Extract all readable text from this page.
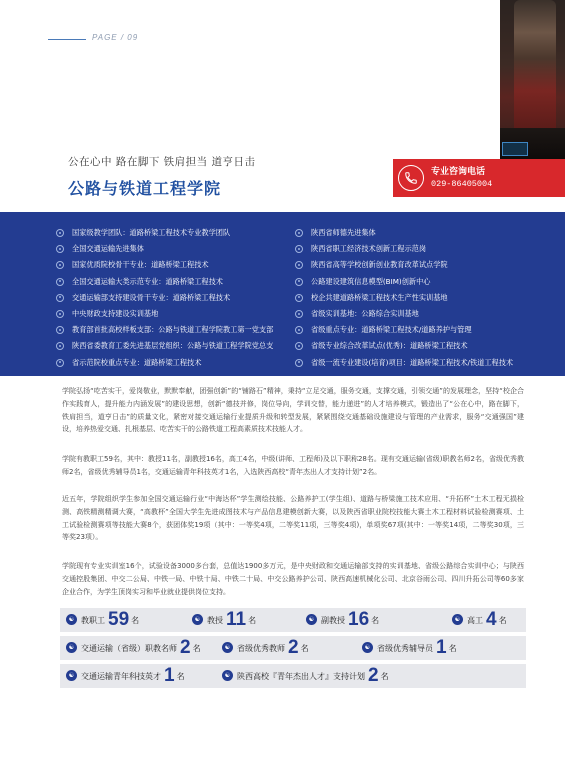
PAGE / 09
公在心中 路在脚下 铁肩担当 道亨日击
公路与铁道工程学院
专业咨询电话
029-86405004
国家级教学团队：道路桥梁工程技术专业教学团队
全国交通运输先进集体
国家优质院校骨干专业：道路桥梁工程技术
全国交通运输大类示范专业：道路桥梁工程技术
交通运输部支持建设骨干专业：道路桥梁工程技术
中央财政支持建设实训基地
教育部首批高校样板支部：公路与铁道工程学院教工第一党支部
陕西省委教育工委先进基层党组织：公路与铁道工程学院党总支
省示范院校重点专业：道路桥梁工程技术
陕西省师德先进集体
陕西省职工经济技术创新工程示范岗
陕西省高等学校创新创业教育改革试点学院
公路建设建筑信息模型(BIM)创新中心
校企共建道路桥梁工程技术生产性实训基地
省级实训基地：公路综合实训基地
省级重点专业：道路桥梁工程技术/道路养护与管理
省级专业综合改革试点(优秀)：道路桥梁工程技术
省级一流专业建设(培育)项目：道路桥梁工程技术/铁道工程技术

学院弘扬“吃苦实干，爱岗敬业，默默奉献，团强创新”的“铺路石”精神，秉持“立足交通，服务交通，支撑交通，引领交通”的发展理念，坚持“校企合作实践育人，提升能力内涵发展”的建设思想，创新“德技并修，岗位导向，学训交替，能力递进”的人才培养模式，锻造出了“公在心中，路在脚下，铁肩担当，道亨日击”的质量文化，紧密对接交通运输行业提质升级和转型发展，紧紧围绕交通基础设施建设与管理的产业需求，服务“交通强国”建设，培养热爱交通、扎根基层、吃苦实干的公路铁道工程高素质技术技能人才。

学院有教职工59名，其中：教授11名，副教授16名，高工4名，中级(讲师、工程师)及以下职称28名。现有交通运输(省级)职教名师2名，省级优秀教师2名，省级优秀辅导员1名，交通运输青年科技英才1名，入选陕西高校“青年杰出人才支持计划”2名。

近五年，学院组织学生参加全国交通运输行业“中海达杯”学生测绘技能、公路养护工(学生组)、道路与桥梁施工技术应用、“升拓杯”土木工程无损检测、高铁精测精调大赛，“高教杯”全国大学生先进成图技术与产品信息建模创新大赛，以及陕西省职业院校技能大赛土木工程材料试验检测赛项、土工试验检测赛项等技能大赛8个，获团体奖19项（其中：一等奖4项，二等奖11项，三等奖4项)，单项奖67项(其中：一等奖14项，二等奖30项，三等奖23项）。

学院现有专业实训室16个，试验设备3000多台套，总值达1900多万元，是中央财政和交通运输部支持的实训基地、省级公路综合实训中心；与陕西交通控股集团、中交二公局、中铁一局、中铁十局、中铁二十局、中交公路养护公司、陕西高速机械化公司、北京谷雨公司、四川升拓公司等60多家企业合作，为学生顶岗实习和毕业就业提供岗位支持。

☯ 教职工 59 名	☯ 教授 11 名	☯ 副教授 16 名	☯ 高工 4 名
☯ 交通运输（省级）职教名师 2 名	☯ 省级优秀教师 2 名	☯ 省级优秀辅导员 1 名
☯ 交通运输青年科技英才 1 名	☯ 陕西高校『青年杰出人才』支持计划 2 名
